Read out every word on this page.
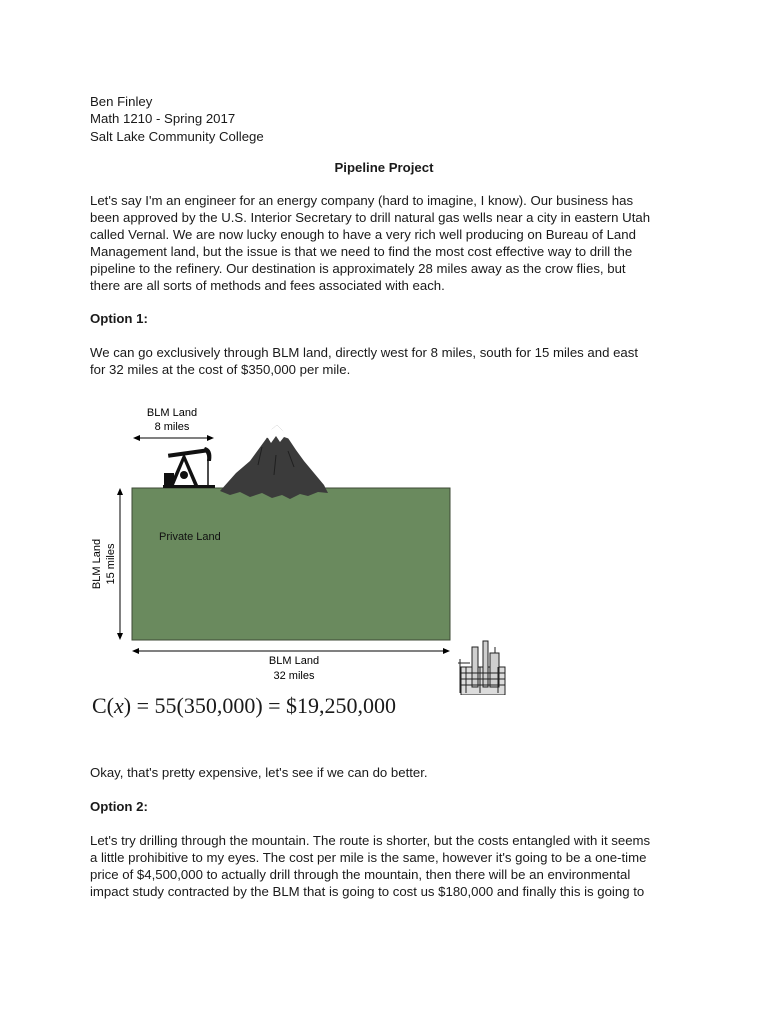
Ben Finley
Math 1210 - Spring 2017
Salt Lake Community College
Pipeline Project
Let's say I'm an engineer for an energy company (hard to imagine, I know). Our business has
been approved by the U.S. Interior Secretary to drill natural gas wells near a city in eastern Utah
called Vernal. We are now lucky enough to have a very rich well producing on Bureau of Land
Management land, but the issue is that we need to find the most cost effective way to drill the
pipeline to the refinery. Our destination is approximately 28 miles away as the crow flies, but
there are all sorts of methods and fees associated with each.
Option 1:
We can go exclusively through BLM land, directly west for 8 miles, south for 15 miles and east
for 32 miles at the cost of $350,000 per mile.
BLM Land
8 miles
BLM Land 15 miles
Private Land
BLM Land
32 miles
C(x) = 55(350,000) = $19,250,000
Okay, that's pretty expensive, let's see if we can do better.
Option 2:
Let's try drilling through the mountain. The route is shorter, but the costs entangled with it seems
a little prohibitive to my eyes. The cost per mile is the same, however it's going to be a one-time
price of $4,500,000 to actually drill through the mountain, then there will be an environmental
impact study contracted by the BLM that is going to cost us $180,000 and finally this is going to
